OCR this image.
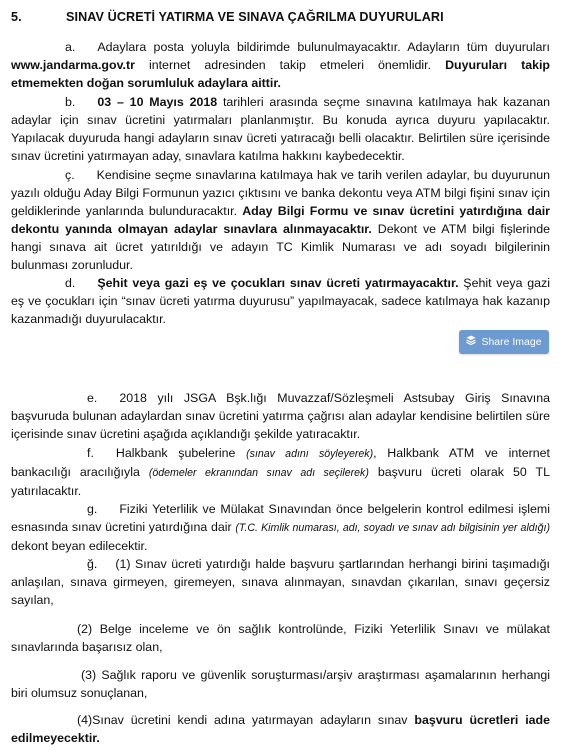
5.	SINAV ÜCRETİ YATIRMA VE SINAVA ÇAĞRILMA DUYURULARI

a. Adaylara posta yoluyla bildirimde bulunulmayacaktır. Adayların tüm duyuruları www.jandarma.gov.tr internet adresinden takip etmeleri önemlidir. Duyuruları takip etmemekten doğan sorumluluk adaylara aittir.

b. 03 – 10 Mayıs 2018 tarihleri arasında seçme sınavına katılmaya hak kazanan adaylar için sınav ücretini yatırmaları planlanmıştır. Bu konuda ayrıca duyuru yapılacaktır. Yapılacak duyuruda hangi adayların sınav ücreti yatıracağı belli olacaktır. Belirtilen süre içerisinde sınav ücretini yatırmayan aday, sınavlara katılma hakkını kaybedecektir.

ç. Kendisine seçme sınavlarına katılmaya hak ve tarih verilen adaylar, bu duyurunun yazılı olduğu Aday Bilgi Formunun yazıcı çıktısını ve banka dekontu veya ATM bilgi fişini sınav için geldiklerinde yanlarında bulunduracaktır. Aday Bilgi Formu ve sınav ücretini yatırdığına dair dekontu yanında olmayan adaylar sınavlara alınmayacaktır. Dekont ve ATM bilgi fişlerinde hangi sınava ait ücret yatırıldığı ve adayın TC Kimlik Numarası ve adı soyadı bilgilerinin bulunması zorunludur.

d. Şehit veya gazi eş ve çocukları sınav ücreti yatırmayacaktır. Şehit veya gazi eş ve çocukları için “sınav ücreti yatırma duyurusu” yapılmayacak, sadece katılmaya hak kazanıp kazanmadığı duyurulacaktır.

Share Image

e. 2018 yılı JSGA Bşk.lığı Muvazzaf/Sözleşmeli Astsubay Giriş Sınavına başvuruda bulunan adaylardan sınav ücretini yatırma çağrısı alan adaylar kendisine belirtilen süre içerisinde sınav ücretini aşağıda açıklandığı şekilde yatıracaktır.

f. Halkbank şubelerine (sınav adını söyleyerek), Halkbank ATM ve internet bankacılığı aracılığıyla (ödemeler ekranından sınav adı seçilerek) başvuru ücreti olarak 50 TL yatırılacaktır.

g. Fiziki Yeterlilik ve Mülakat Sınavından önce belgelerin kontrol edilmesi işlemi esnasında sınav ücretini yatırdığına dair (T.C. Kimlik numarası, adı, soyadı ve sınav adı bilgisinin yer aldığı) dekont beyan edilecektir.

ğ. (1) Sınav ücreti yatırdığı halde başvuru şartlarından herhangi birini taşımadığı anlaşılan, sınava girmeyen, giremeyen, sınava alınmayan, sınavdan çıkarılan, sınavı geçersiz sayılan,

(2) Belge inceleme ve ön sağlık kontrolünde, Fiziki Yeterlilik Sınavı ve mülakat sınavlarında başarısız olan,

(3) Sağlık raporu ve güvenlik soruşturması/arşiv araştırması aşamalarının herhangi biri olumsuz sonuçlanan,

(4)Sınav ücretini kendi adına yatırmayan adayların sınav başvuru ücretleri iade edilmeyecektir.
